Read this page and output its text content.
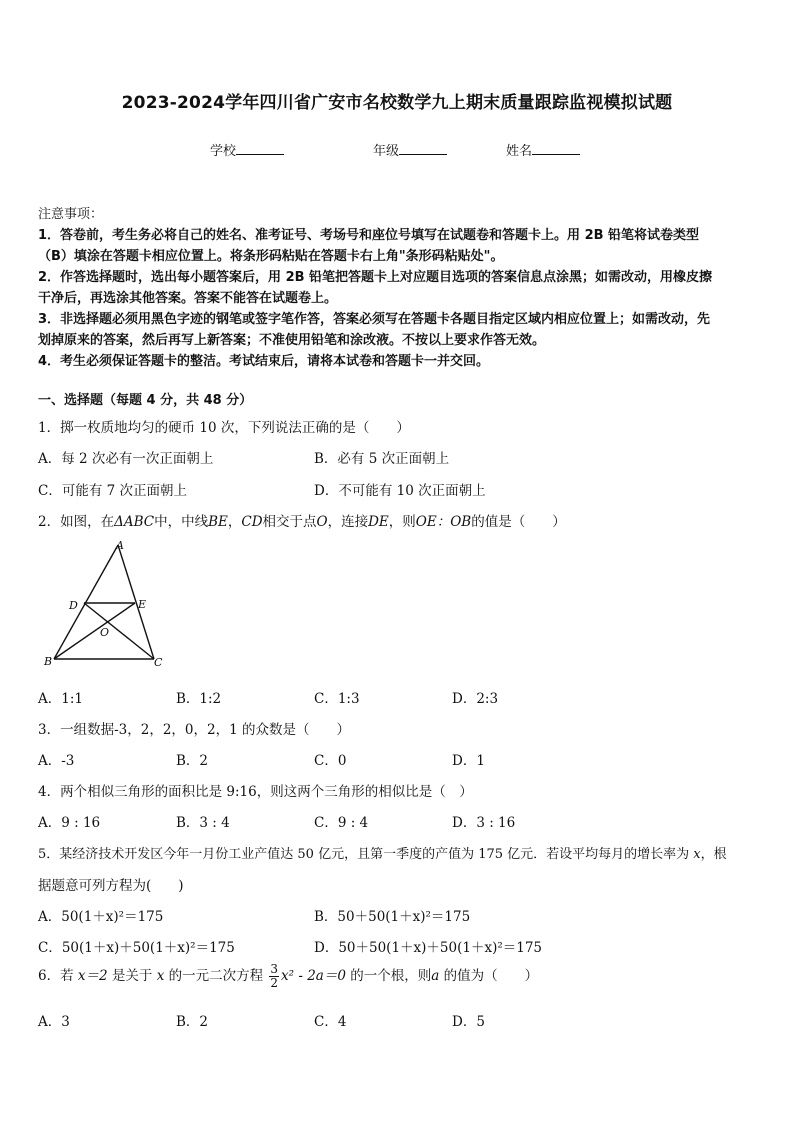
2023-2024学年四川省广安市名校数学九上期末质量跟踪监视模拟试题
学校	年级	姓名
注意事项：
1．答卷前，考生务必将自己的姓名、准考证号、考场号和座位号填写在试题卷和答题卡上。用 2B 铅笔将试卷类型
（B）填涂在答题卡相应位置上。将条形码粘贴在答题卡右上角"条形码粘贴处"。
2．作答选择题时，选出每小题答案后，用 2B 铅笔把答题卡上对应题目选项的答案信息点涂黑；如需改动，用橡皮擦
干净后，再选涂其他答案。答案不能答在试题卷上。
3．非选择题必须用黑色字迹的钢笔或签字笔作答，答案必须写在答题卡各题目指定区域内相应位置上；如需改动，先
划掉原来的答案，然后再写上新答案；不准使用铅笔和涂改液。不按以上要求作答无效。
4．考生必须保证答题卡的整洁。考试结束后，请将本试卷和答题卡一并交回。
一、选择题（每题 4 分，共 48 分）
1．掷一枚质地均匀的硬币 10 次，下列说法正确的是（　　）
A．每 2 次必有一次正面朝上	B．必有 5 次正面朝上
C．可能有 7 次正面朝上	D．不可能有 10 次正面朝上
2．如图，在ΔABC中，中线BE，CD相交于点O，连接DE，则OE：OB的值是（　　）
A
D	E
O
B	C
A．1:1	B．1:2	C．1:3	D．2:3
3．一组数据-3，2，2，0，2，1 的众数是（　　）
A．-3	B．2	C．0	D．1
4．两个相似三角形的面积比是 9:16，则这两个三角形的相似比是（　）
A．9 : 16	B．3 : 4	C．9 : 4	D．3 : 16
5．某经济技术开发区今年一月份工业产值达 50 亿元，且第一季度的产值为 175 亿元．若设平均每月的增长率为 x，根
据题意可列方程为(　　)
A．50(1＋x)²＝175	B．50＋50(1＋x)²＝175
C．50(1＋x)＋50(1＋x)²＝175	D．50＋50(1＋x)＋50(1＋x)²＝175
6．若 x＝2 是关于 x 的一元二次方程 $\frac{3}{2} x^2 - 2a=0$ 的一个根，则a 的值为（　　）
A．3	B．2	C．4	D．5
